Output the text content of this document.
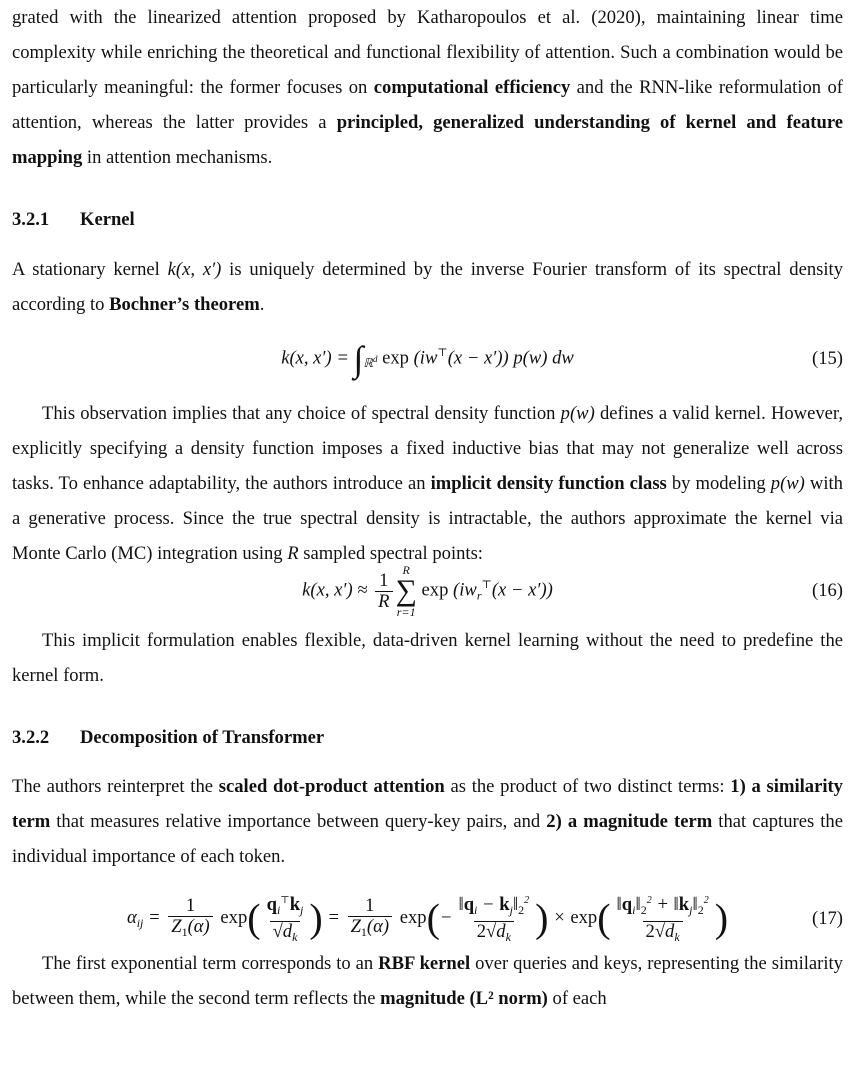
grated with the linearized attention proposed by Katharopoulos et al. (2020), maintaining linear time complexity while enriching the theoretical and functional flexibility of attention. Such a combination would be particularly meaningful: the former focuses on computational efficiency and the RNN-like reformulation of attention, whereas the latter provides a principled, generalized understanding of kernel and feature mapping in attention mechanisms.

3.2.1 Kernel

A stationary kernel k(x, x′) is uniquely determined by the inverse Fourier transform of its spectral density according to Bochner’s theorem.

k(x, $x') = \int_{ℝ^d}$ exp (iw⊤(x − x′)) p(w) dw	(15)

This observation implies that any choice of spectral density function p(w) defines a valid kernel. However, explicitly specifying a density function imposes a fixed inductive bias that may not generalize well across tasks. To enhance adaptability, the authors introduce an implicit density function class by modeling p(w) with a generative process. Since the true spectral density is intractable, the authors approximate the kernel via Monte Carlo (MC) integration using R sampled spectral points:

k(x, $x') \approx \frac{1}{R}$
R
∑
r=1
$\exp (iw_r^⊤(x - x'))$	(16)

This implicit formulation enables flexible, data-driven kernel learning without the need to predefine the kernel form.

3.2.2 Decomposition of Transformer

The authors reinterpret the scaled dot-product attention as the product of two distinct terms: 1) a similarity term that measures relative importance between query-key pairs, and 2) a magnitude term that captures the individual importance of each token.

$\alpha_{ij} = \frac{1}{Z_1(\alpha)} \exp( \frac{q_i^⊤k_j}{√d_k}$ ) = $\frac{1}{Z_1(\alpha)} \exp(- \frac{‖q_i - k_j‖_2^2}{2√d_k}$ ) × $\exp( \frac{‖q_i‖_2^2 + ‖k_j‖_2^2}{2√d_k}$ )	(17)

The first exponential term corresponds to an RBF kernel over queries and keys, representing the similarity between them, while the second term reflects the magnitude (L² norm) of each
